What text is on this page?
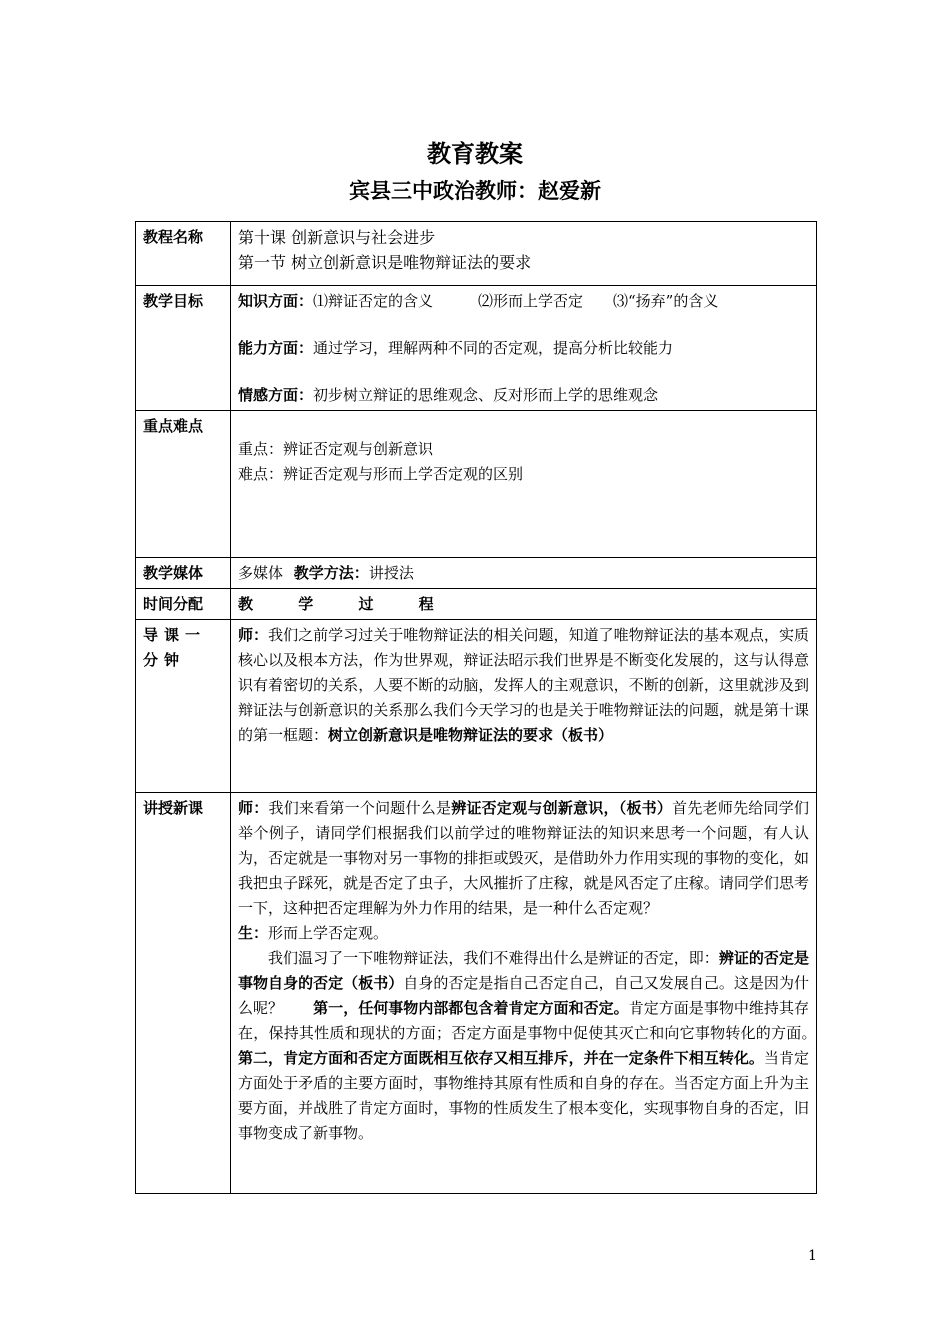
教育教案
宾县三中政治教师：赵爱新
教程名称	第十课 创新意识与社会进步

第一节 树立创新意识是唯物辩证法的要求

教学目标	知识方面：⑴辩证否定的含义　　　⑵形而上学否定　　⑶“扬弃”的含义

能力方面：通过学习，理解两种不同的否定观，提高分析比较能力

情感方面：初步树立辩证的思维观念、反对形而上学的思维观念

重点难点	重点：辨证否定观与创新意识

难点：辨证否定观与形而上学否定观的区别

教学媒体	多媒体 教学方法：讲授法
时间分配	教 学 过 程
导课一分钟	师：我们之前学习过关于唯物辩证法的相关问题，知道了唯物辩证法的基本观点，实质核心以及根本方法，作为世界观，辩证法昭示我们世界是不断变化发展的，这与认得意识有着密切的关系，人要不断的动脑，发挥人的主观意识，不断的创新，这里就涉及到辩证法与创新意识的关系那么我们今天学习的也是关于唯物辩证法的问题，就是第十课的第一框题：树立创新意识是唯物辩证法的要求（板书）

讲授新课	师：我们来看第一个问题什么是辨证否定观与创新意识，（板书）首先老师先给同学们举个例子，请同学们根据我们以前学过的唯物辩证法的知识来思考一个问题，有人认为，否定就是一事物对另一事物的排拒或毁灭，是借助外力作用实现的事物的变化，如我把虫子踩死，就是否定了虫子，大风摧折了庄稼，就是风否定了庄稼。请同学们思考一下，这种把否定理解为外力作用的结果，是一种什么否定观？

生：形而上学否定观。

我们温习了一下唯物辩证法，我们不难得出什么是辨证的否定，即：辨证的否定是事物自身的否定（板书）自身的否定是指自己否定自己，自己又发展自己。这是因为什么呢？　　第一，任何事物内部都包含着肯定方面和否定。肯定方面是事物中维持其存在，保持其性质和现状的方面；否定方面是事物中促使其灭亡和向它事物转化的方面。　　　　第二，肯定方面和否定方面既相互依存又相互排斥，并在一定条件下相互转化。当肯定方面处于矛盾的主要方面时，事物维持其原有性质和自身的存在。当否定方面上升为主要方面，并战胜了肯定方面时，事物的性质发生了根本变化，实现事物自身的否定，旧事物变成了新事物。

1
